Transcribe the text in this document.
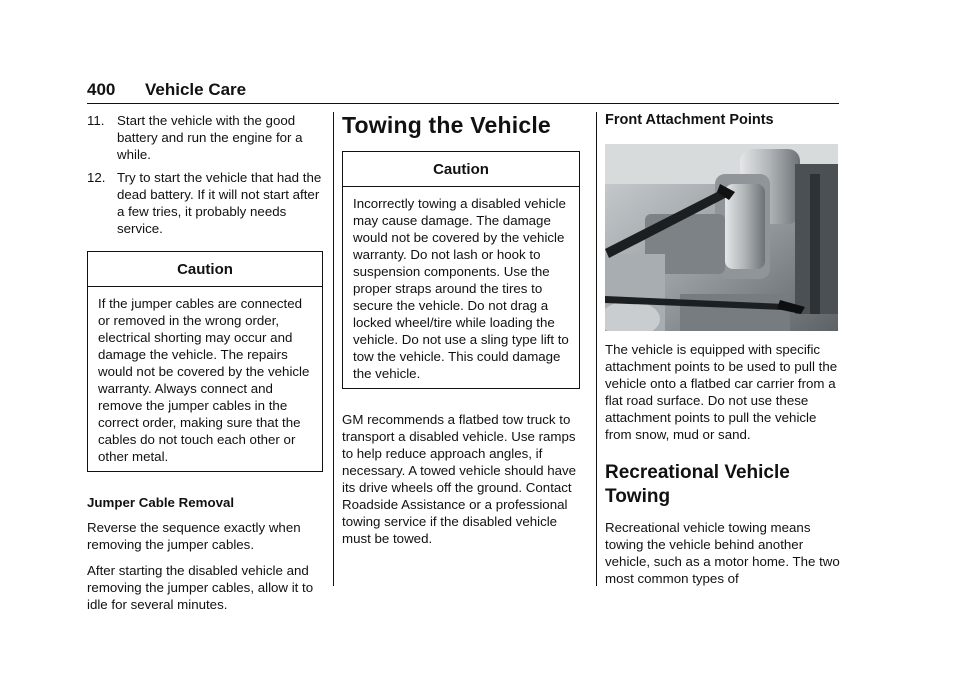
400 Vehicle Care
11. Start the vehicle with the good battery and run the engine for a while.
12. Try to start the vehicle that had the dead battery. If it will not start after a few tries, it probably needs service.
Caution
If the jumper cables are connected or removed in the wrong order, electrical shorting may occur and damage the vehicle. The repairs would not be covered by the vehicle warranty. Always connect and remove the jumper cables in the correct order, making sure that the cables do not touch each other or other metal.
Jumper Cable Removal

Reverse the sequence exactly when removing the jumper cables.

After starting the disabled vehicle and removing the jumper cables, allow it to idle for several minutes.

Towing the Vehicle
Caution
Incorrectly towing a disabled vehicle may cause damage. The damage would not be covered by the vehicle warranty. Do not lash or hook to suspension components. Use the proper straps around the tires to secure the vehicle. Do not drag a locked wheel/tire while loading the vehicle. Do not use a sling type lift to tow the vehicle. This could damage the vehicle.

GM recommends a flatbed tow truck to transport a disabled vehicle. Use ramps to help reduce approach angles, if necessary. A towed vehicle should have its drive wheels off the ground. Contact Roadside Assistance or a professional towing service if the disabled vehicle must be towed.

Front Attachment Points

The vehicle is equipped with specific attachment points to be used to pull the vehicle onto a flatbed car carrier from a flat road surface. Do not use these attachment points to pull the vehicle from snow, mud or sand.

Recreational Vehicle Towing

Recreational vehicle towing means towing the vehicle behind another vehicle, such as a motor home. The two most common types of
